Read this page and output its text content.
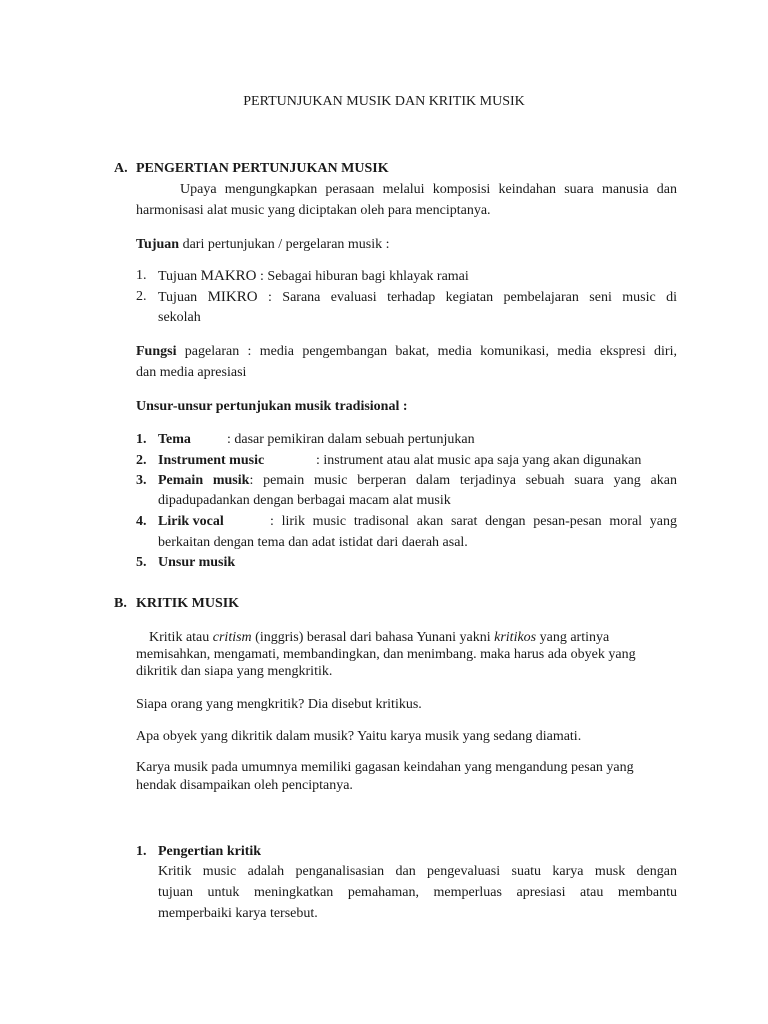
PERTUNJUKAN MUSIK DAN KRITIK MUSIK
A. PENGERTIAN PERTUNJUKAN MUSIK
Upaya mengungkapkan perasaan melalui komposisi keindahan suara manusia dan
harmonisasi alat music yang diciptakan oleh para menciptanya.
Tujuan dari pertunjukan / pergelaran musik :
1. Tujuan MAKRO : Sebagai hiburan bagi khlayak ramai
2. Tujuan MIKRO : Sarana evaluasi terhadap kegiatan pembelajaran seni music di
sekolah
Fungsi pagelaran : media pengembangan bakat, media komunikasi, media ekspresi diri,
dan media apresiasi
Unsur-unsur pertunjukan musik tradisional :
1. Tema	: dasar pemikiran dalam sebuah pertunjukan
2. Instrument music	: instrument atau alat music apa saja yang akan digunakan
3. Pemain musik: pemain music berperan dalam terjadinya sebuah suara yang akan
dipadupadankan dengan berbagai macam alat musik
4. Lirik vocal	: lirik music tradisonal akan sarat dengan pesan-pesan moral yang
berkaitan dengan tema dan adat istidat dari daerah asal.
5. Unsur musik
B. KRITIK MUSIK
Kritik atau critism (inggris) berasal dari bahasa Yunani yakni kritikos yang artinya
memisahkan, mengamati, membandingkan, dan menimbang. maka harus ada obyek yang
dikritik dan siapa yang mengkritik.
Siapa orang yang mengkritik? Dia disebut kritikus.
Apa obyek yang dikritik dalam musik? Yaitu karya musik yang sedang diamati.
Karya musik pada umumnya memiliki gagasan keindahan yang mengandung pesan yang
hendak disampaikan oleh penciptanya.
1. Pengertian kritik
Kritik music adalah penganalisasian dan pengevaluasi suatu karya musk dengan
tujuan untuk meningkatkan pemahaman, memperluas apresiasi atau membantu
memperbaiki karya tersebut.
